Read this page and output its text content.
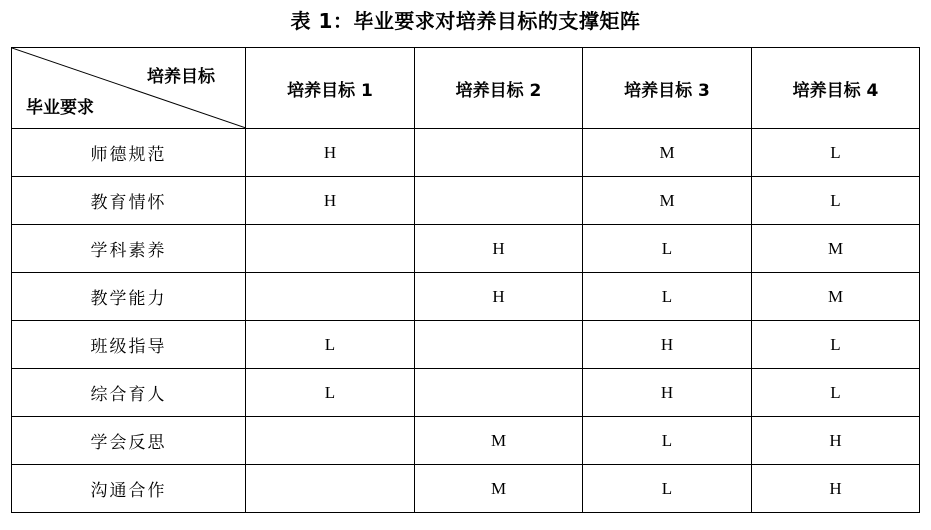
表 1：毕业要求对培养目标的支撑矩阵
培养目标
毕业要求	培养目标 1	培养目标 2	培养目标 3	培养目标 4
师德规范	H		M	L
教育情怀	H		M	L
学科素养		H	L	M
教学能力		H	L	M
班级指导	L		H	L
综合育人	L		H	L
学会反思		M	L	H
沟通合作		M	L	H
